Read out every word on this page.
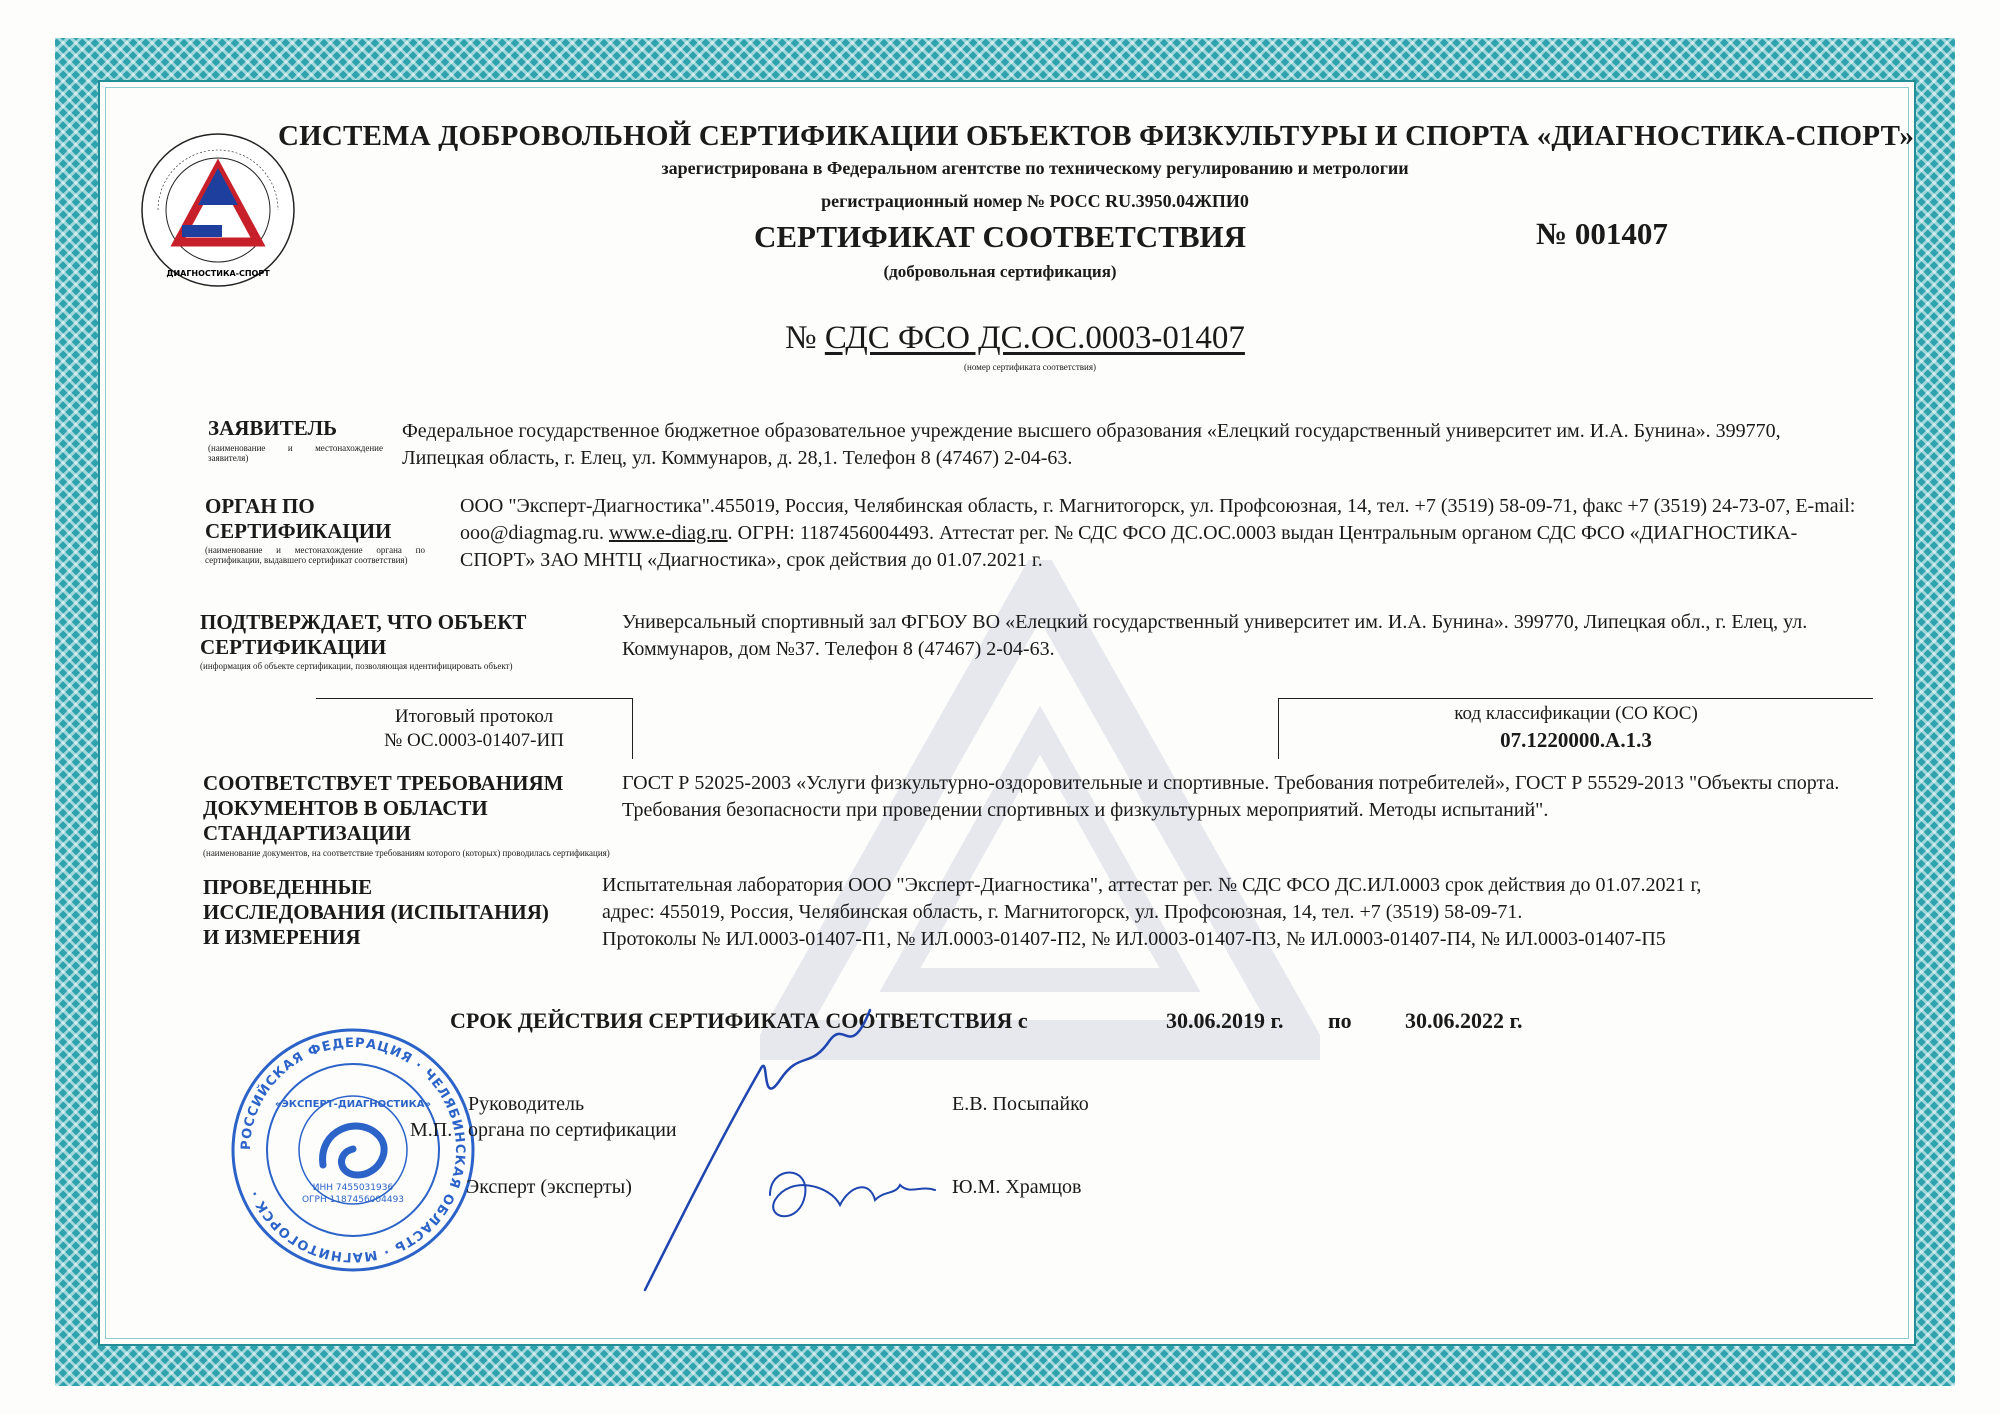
ДИАГНОСТИКА-СПОРТ
СИСТЕМА ДОБРОВОЛЬНОЙ СЕРТИФИКАЦИИ ОБЪЕКТОВ ФИЗКУЛЬТУРЫ И СПОРТА «ДИАГНОСТИКА-СПОРТ»
зарегистрирована в Федеральном агентстве по техническому регулированию и метрологии
регистрационный номер № РОСС RU.3950.04ЖПИ0
СЕРТИФИКАТ СООТВЕТСТВИЯ	№ 001407
(добровольная сертификация)
№ СДС ФСО ДС.ОС.0003-01407
(номер сертификата соответствия)
ЗАЯВИТЕЛЬ
(наименование и местонахождение заявителя)
Федеральное государственное бюджетное образовательное учреждение высшего образования «Елецкий государственный университет им. И.А. Бунина». 399770, Липецкая область, г. Елец, ул. Коммунаров, д. 28,1. Телефон 8 (47467) 2-04-63.
ОРГАН ПО
СЕРТИФИКАЦИИ
(наименование и местонахождение органа по сертификации, выдавшего сертификат соответствия)
ООО "Эксперт-Диагностика".455019, Россия, Челябинская область, г. Магнитогорск, ул. Профсоюзная, 14, тел. +7 (3519) 58-09-71, факс +7 (3519) 24-73-07, E-mail: ooo@diagmag.ru. www.e-diag.ru. ОГРН: 1187456004493. Аттестат рег. № СДС ФСО ДС.ОС.0003 выдан Центральным органом СДС ФСО «ДИАГНОСТИКА-СПОРТ» ЗАО МНТЦ «Диагностика», срок действия до 01.07.2021 г.
ПОДТВЕРЖДАЕТ, ЧТО ОБЪЕКТ
СЕРТИФИКАЦИИ
(информация об объекте сертификации, позволяющая идентифицировать объект)
Универсальный спортивный зал ФГБОУ ВО «Елецкий государственный университет им. И.А. Бунина». 399770, Липецкая обл., г. Елец, ул. Коммунаров, дом №37. Телефон 8 (47467) 2-04-63.
Итоговый протокол
№ ОС.0003-01407-ИП
код классификации (СО КОС)
07.1220000.А.1.3
СООТВЕТСТВУЕТ ТРЕБОВАНИЯМ
ДОКУМЕНТОВ В ОБЛАСТИ
СТАНДАРТИЗАЦИИ
(наименование документов, на соответствие требованиям которого (которых) проводилась сертификация)
ГОСТ Р 52025-2003 «Услуги физкультурно-оздоровительные и спортивные. Требования потребителей», ГОСТ Р 55529-2013 "Объекты спорта. Требования безопасности при проведении спортивных и физкультурных мероприятий. Методы испытаний".
ПРОВЕДЕННЫЕ
ИССЛЕДОВАНИЯ (ИСПЫТАНИЯ)
И ИЗМЕРЕНИЯ
Испытательная лаборатория ООО "Эксперт-Диагностика", аттестат рег. № СДС ФСО ДС.ИЛ.0003 срок действия до 01.07.2021 г,
адрес: 455019, Россия, Челябинская область, г. Магнитогорск, ул. Профсоюзная, 14, тел. +7 (3519) 58-09-71.
Протоколы № ИЛ.0003-01407-П1, № ИЛ.0003-01407-П2, № ИЛ.0003-01407-П3, № ИЛ.0003-01407-П4, № ИЛ.0003-01407-П5
СРОК ДЕЙСТВИЯ СЕРТИФИКАТА СООТВЕТСТВИЯ с	30.06.2019 г. по 30.06.2022 г.
РОССИЙСКАЯ ФЕДЕРАЦИЯ · ЧЕЛЯБИНСКАЯ ОБЛАСТЬ · МАГНИТОГОРСК ·	ИНН 7455031936
ОГРН 1187456004493
«ЭКСПЕРТ-ДИАГНОСТИКА» Руководитель
М.П. органа по сертификации
Е.В. Посыпайко
Эксперт (эксперты)	Ю.М. Храмцов
